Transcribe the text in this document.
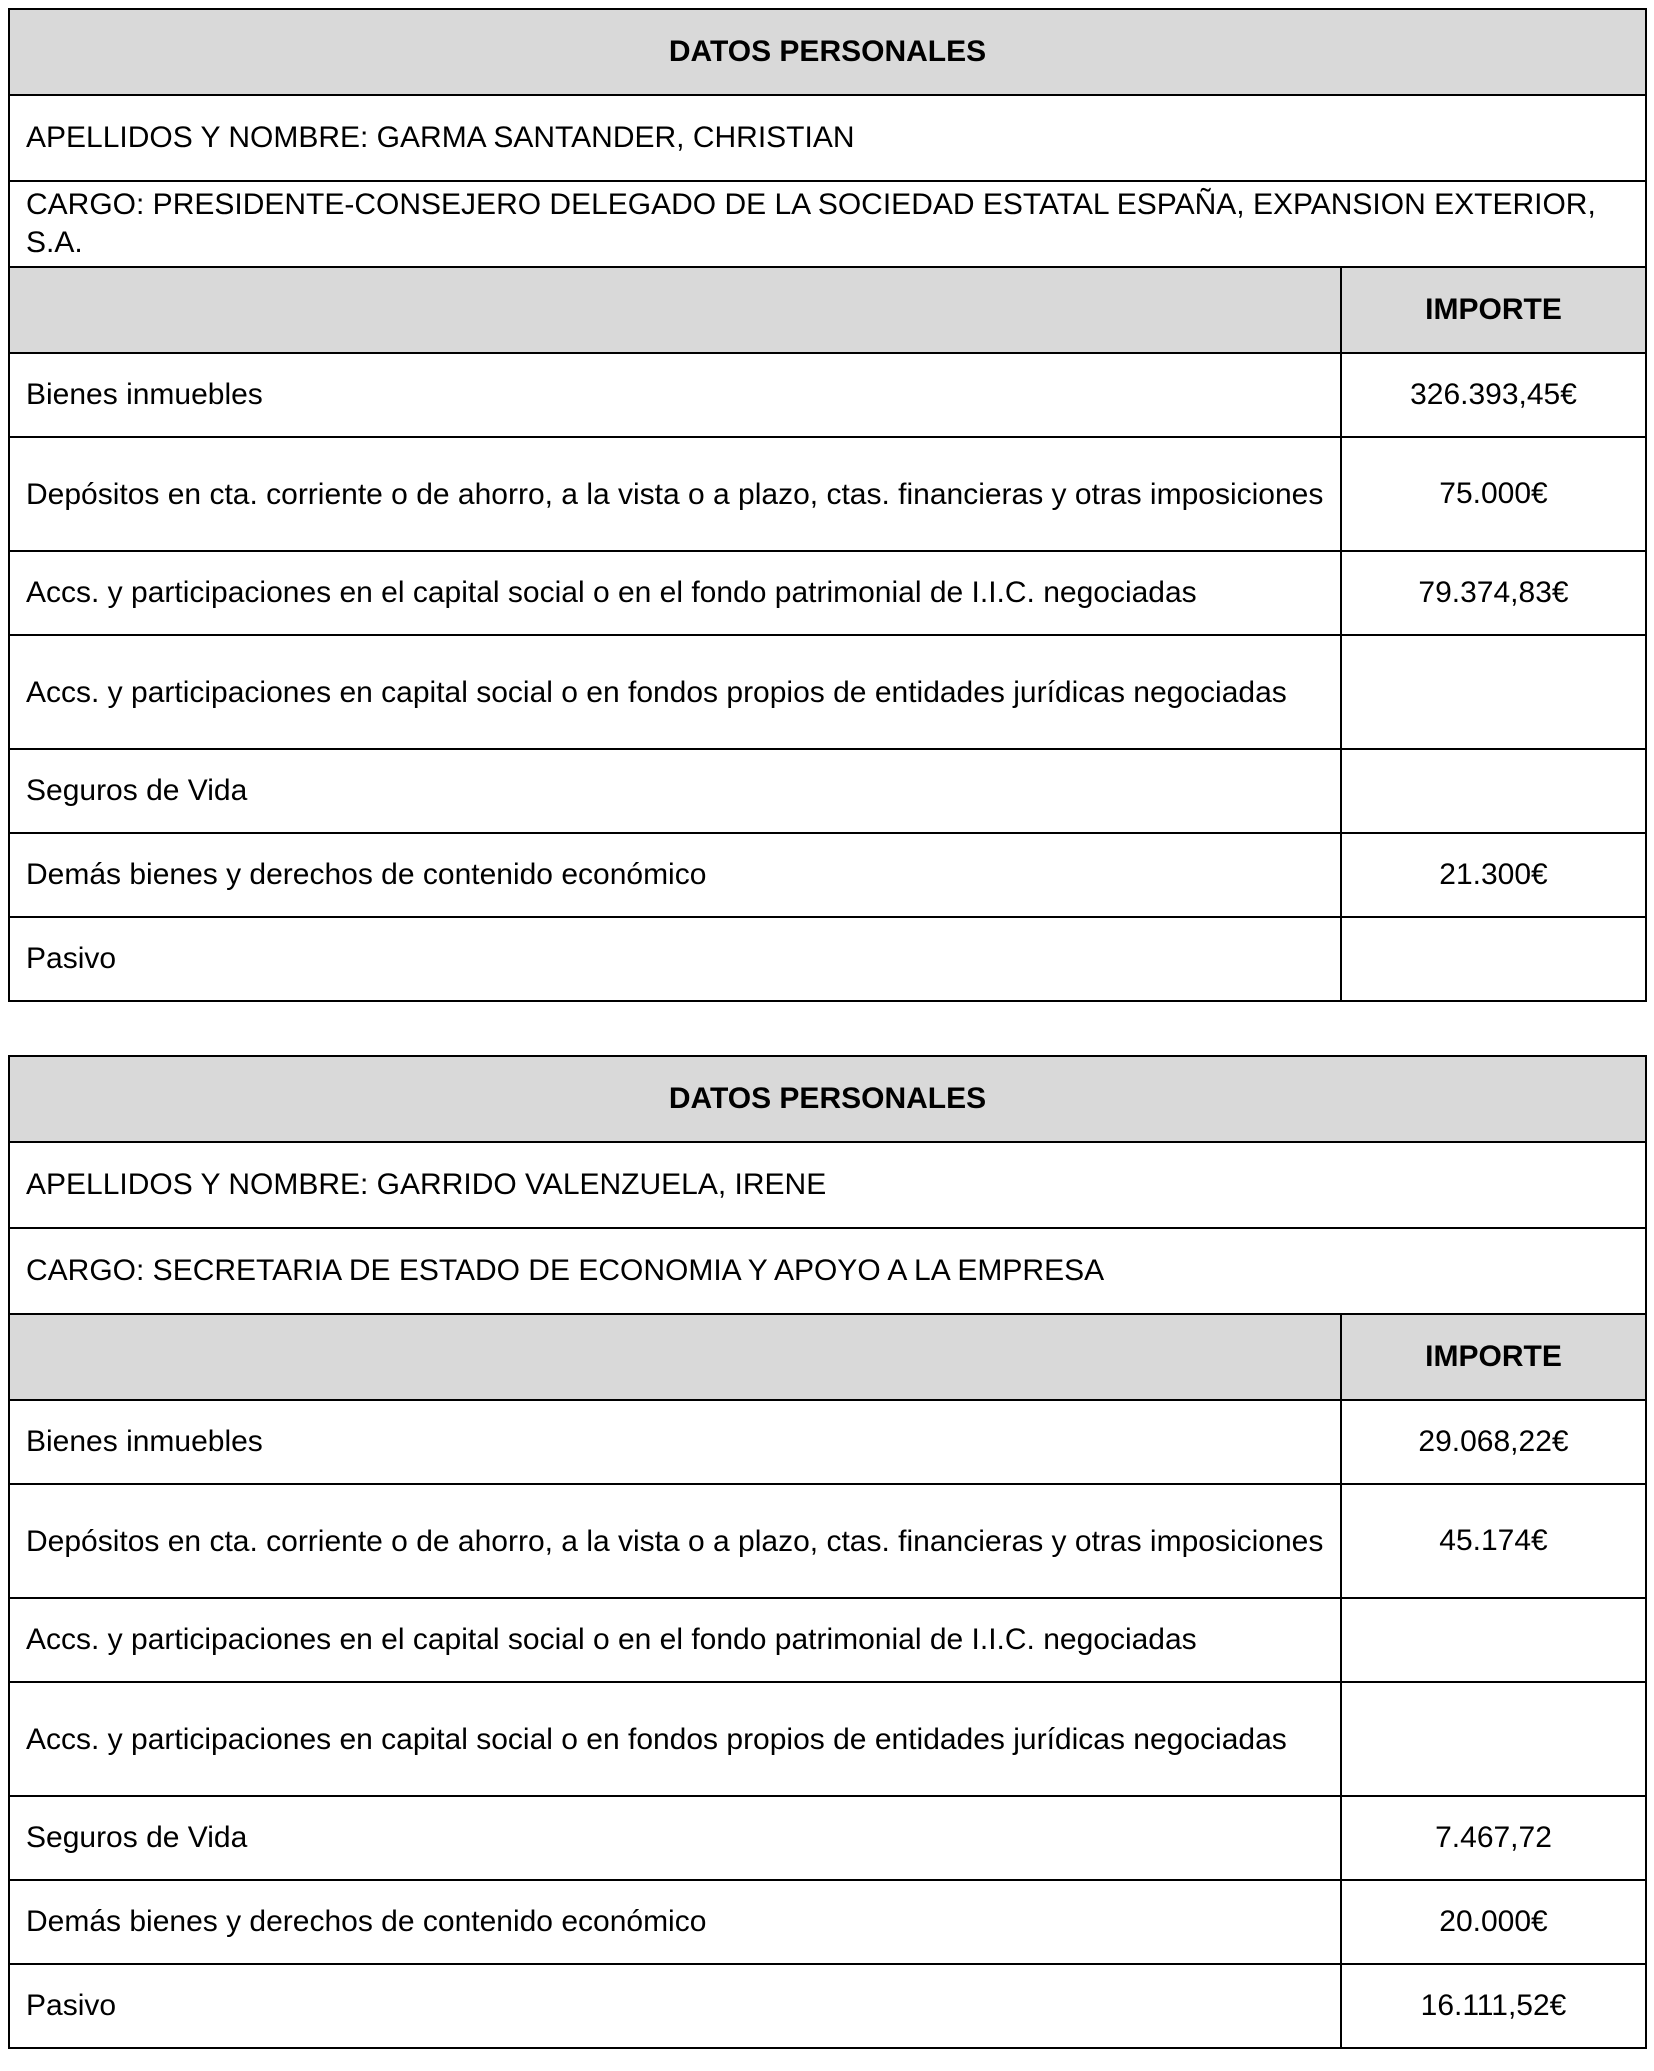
DATOS PERSONALES	
APELLIDOS Y NOMBRE: GARMA SANTANDER, CHRISTIAN	
CARGO: PRESIDENTE-CONSEJERO DELEGADO DE LA SOCIEDAD ESTATAL ESPAÑA, EXPANSION EXTERIOR, S.A.	
	IMPORTE
Bienes inmuebles	326.393,45€
Depósitos en cta. corriente o de ahorro, a la vista o a plazo, ctas. financieras y otras imposiciones	75.000€
Accs. y participaciones en el capital social o en el fondo patrimonial de I.I.C. negociadas	79.374,83€
Accs. y participaciones en capital social o en fondos propios de entidades jurídicas negociadas	
Seguros de Vida	
Demás bienes y derechos de contenido económico	21.300€
Pasivo	
DATOS PERSONALES	
APELLIDOS Y NOMBRE: GARRIDO VALENZUELA, IRENE	
CARGO: SECRETARIA DE ESTADO DE ECONOMIA Y APOYO A LA EMPRESA	
	IMPORTE
Bienes inmuebles	29.068,22€
Depósitos en cta. corriente o de ahorro, a la vista o a plazo, ctas. financieras y otras imposiciones	45.174€
Accs. y participaciones en el capital social o en el fondo patrimonial de I.I.C. negociadas	
Accs. y participaciones en capital social o en fondos propios de entidades jurídicas negociadas	
Seguros de Vida	7.467,72
Demás bienes y derechos de contenido económico	20.000€
Pasivo	16.111,52€
